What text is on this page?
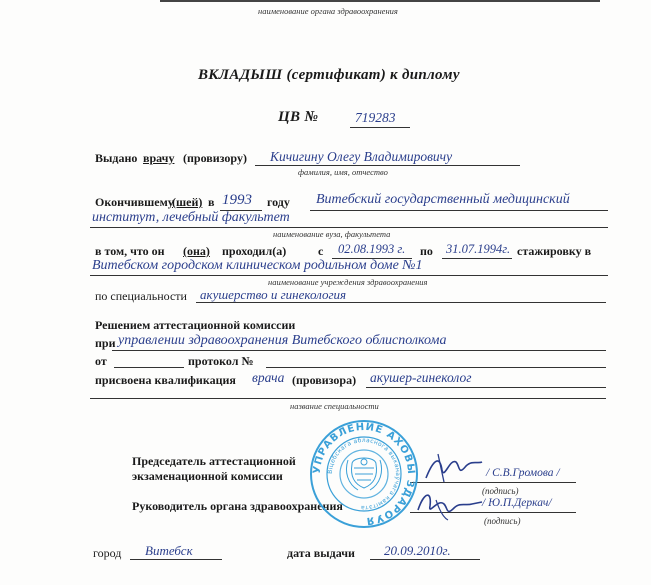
наименование органа здравоохранения
ВКЛАДЫШ (сертификат) к диплому
ЦВ №	719283
Выдано врачу (провизору) Кичигину Олегу Владимировичу
фамилия, имя, отчество
Окончившему
(шей) в 1993 году Витебский государственный медицинский
институт, лечебный факультет
наименование вуза, факультета
в том, что он (она) проходил(а)	с 02.08.1993 г. по 31.07.1994г. стажировку в
Витебском городском клиническом родильном доме №1
наименование учреждения здравоохранения
по специальности акушерство и гинекология
Решением аттестационной комиссии
при управлении здравоохранения Витебского облисполкома
от	протокол №
присвоена квалификация врача (провизора) акушер-гинеколог
название специальности
Председатель аттестационной
экзаменационной комиссии	/ С.В.Громова /
(подпись)
Руководитель органа здравоохранения	/ Ю.П.Деркач/
(подпись)
УПРАВЛЕНИЕ АХОВЫ ЗДАРОЎЯ
Віцебскага абласнога выканаўчага камітэта
город Витебск	дата выдачи 20.09.2010г.
